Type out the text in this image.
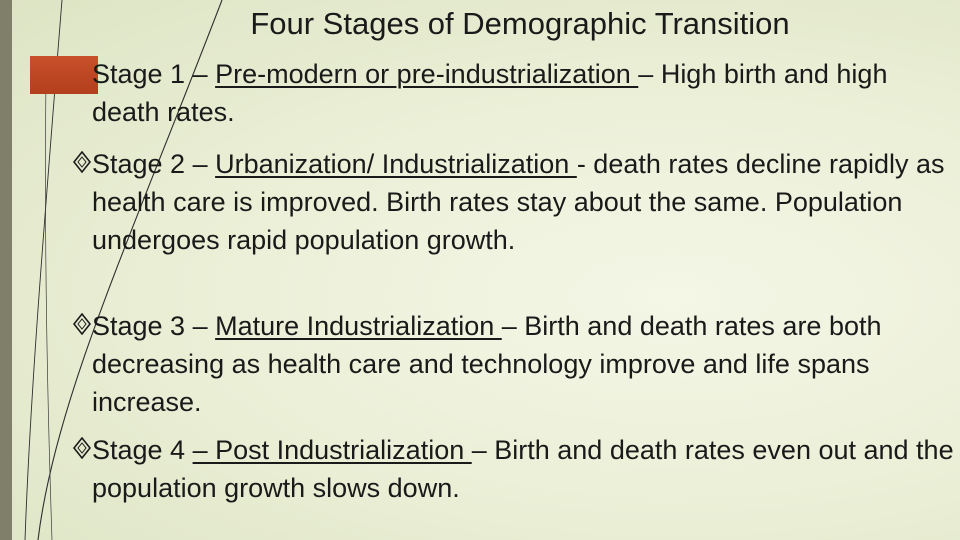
Four Stages of Demographic Transition
Stage 1 – Pre-modern or pre-industrialization – High birth and high death rates.
Stage 2 – Urbanization/ Industrialization - death rates decline rapidly as health care is improved. Birth rates stay about the same. Population undergoes rapid population growth.
Stage 3 – Mature Industrialization – Birth and death rates are both decreasing as health care and technology improve and life spans increase.
Stage 4 – Post Industrialization – Birth and death rates even out and the population growth slows down.
